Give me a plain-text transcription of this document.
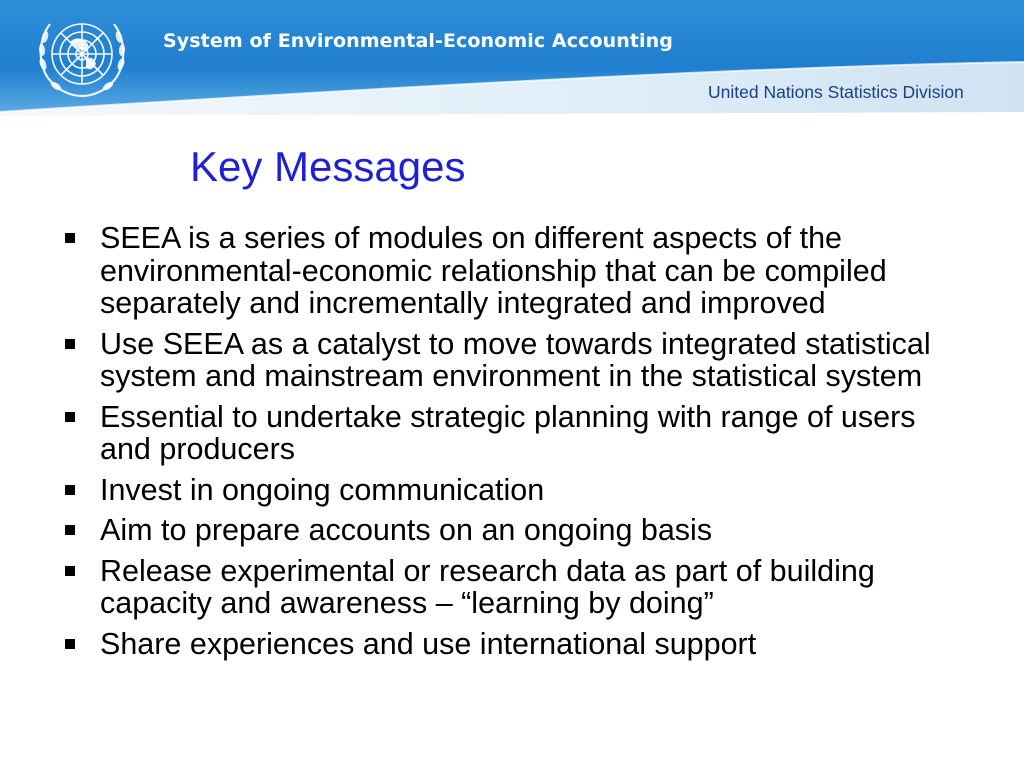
System of Environmental-Economic Accounting
United Nations Statistics Division
Key Messages
SEEA is a series of modules on different aspects of the environmental-economic relationship that can be compiled separately and incrementally integrated and improved
Use SEEA as a catalyst to move towards integrated statistical system and mainstream environment in the statistical system
Essential to undertake strategic planning with range of users and producers
Invest in ongoing communication
Aim to prepare accounts on an ongoing basis
Release experimental or research data as part of building capacity and awareness – “learning by doing”
Share experiences and use international support
